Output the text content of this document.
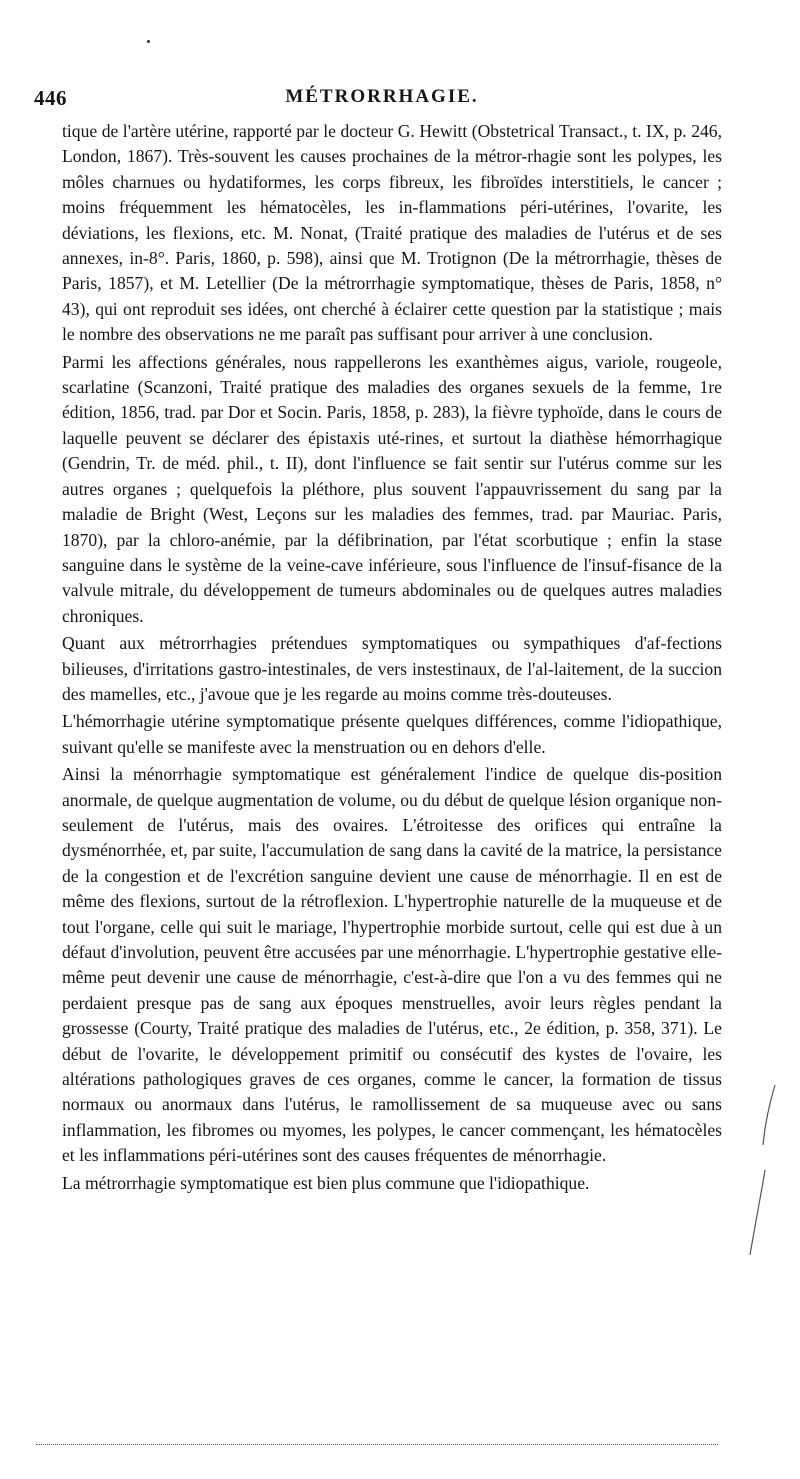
446	MÉTRORRHAGIE.

tique de l'artère utérine, rapporté par le docteur G. Hewitt (Obstetrical Transact., t. IX, p. 246, London, 1867). Très-souvent les causes prochaines de la métror-rhagie sont les polypes, les môles charnues ou hydatiformes, les corps fibreux, les fibroïdes interstitiels, le cancer ; moins fréquemment les hématocèles, les in-flammations péri-utérines, l'ovarite, les déviations, les flexions, etc. M. Nonat, (Traité pratique des maladies de l'utérus et de ses annexes, in-8°. Paris, 1860, p. 598), ainsi que M. Trotignon (De la métrorrhagie, thèses de Paris, 1857), et M. Letellier (De la métrorrhagie symptomatique, thèses de Paris, 1858, n° 43), qui ont reproduit ses idées, ont cherché à éclairer cette question par la statistique ; mais le nombre des observations ne me paraît pas suffisant pour arriver à une conclusion.

Parmi les affections générales, nous rappellerons les exanthèmes aigus, variole, rougeole, scarlatine (Scanzoni, Traité pratique des maladies des organes sexuels de la femme, 1re édition, 1856, trad. par Dor et Socin. Paris, 1858, p. 283), la fièvre typhoïde, dans le cours de laquelle peuvent se déclarer des épistaxis uté-rines, et surtout la diathèse hémorrhagique (Gendrin, Tr. de méd. phil., t. II), dont l'influence se fait sentir sur l'utérus comme sur les autres organes ; quelquefois la pléthore, plus souvent l'appauvrissement du sang par la maladie de Bright (West, Leçons sur les maladies des femmes, trad. par Mauriac. Paris, 1870), par la chloro-anémie, par la défibrination, par l'état scorbutique ; enfin la stase sanguine dans le système de la veine-cave inférieure, sous l'influence de l'insuf-fisance de la valvule mitrale, du développement de tumeurs abdominales ou de quelques autres maladies chroniques.

Quant aux métrorrhagies prétendues symptomatiques ou sympathiques d'af-fections bilieuses, d'irritations gastro-intestinales, de vers instestinaux, de l'al-laitement, de la succion des mamelles, etc., j'avoue que je les regarde au moins comme très-douteuses.

L'hémorrhagie utérine symptomatique présente quelques différences, comme l'idiopathique, suivant qu'elle se manifeste avec la menstruation ou en dehors d'elle.

Ainsi la ménorrhagie symptomatique est généralement l'indice de quelque dis-position anormale, de quelque augmentation de volume, ou du début de quelque lésion organique non-seulement de l'utérus, mais des ovaires. L'étroitesse des orifices qui entraîne la dysménorrhée, et, par suite, l'accumulation de sang dans la cavité de la matrice, la persistance de la congestion et de l'excrétion sanguine devient une cause de ménorrhagie. Il en est de même des flexions, surtout de la rétroflexion. L'hypertrophie naturelle de la muqueuse et de tout l'organe, celle qui suit le mariage, l'hypertrophie morbide surtout, celle qui est due à un défaut d'involution, peuvent être accusées par une ménorrhagie. L'hypertrophie gestative elle-même peut devenir une cause de ménorrhagie, c'est-à-dire que l'on a vu des femmes qui ne perdaient presque pas de sang aux époques menstruelles, avoir leurs règles pendant la grossesse (Courty, Traité pratique des maladies de l'utérus, etc., 2e édition, p. 358, 371). Le début de l'ovarite, le développement primitif ou consécutif des kystes de l'ovaire, les altérations pathologiques graves de ces organes, comme le cancer, la formation de tissus normaux ou anormaux dans l'utérus, le ramollissement de sa muqueuse avec ou sans inflammation, les fibromes ou myomes, les polypes, le cancer commençant, les hématocèles et les inflammations péri-utérines sont des causes fréquentes de ménorrhagie.

La métrorrhagie symptomatique est bien plus commune que l'idiopathique.
